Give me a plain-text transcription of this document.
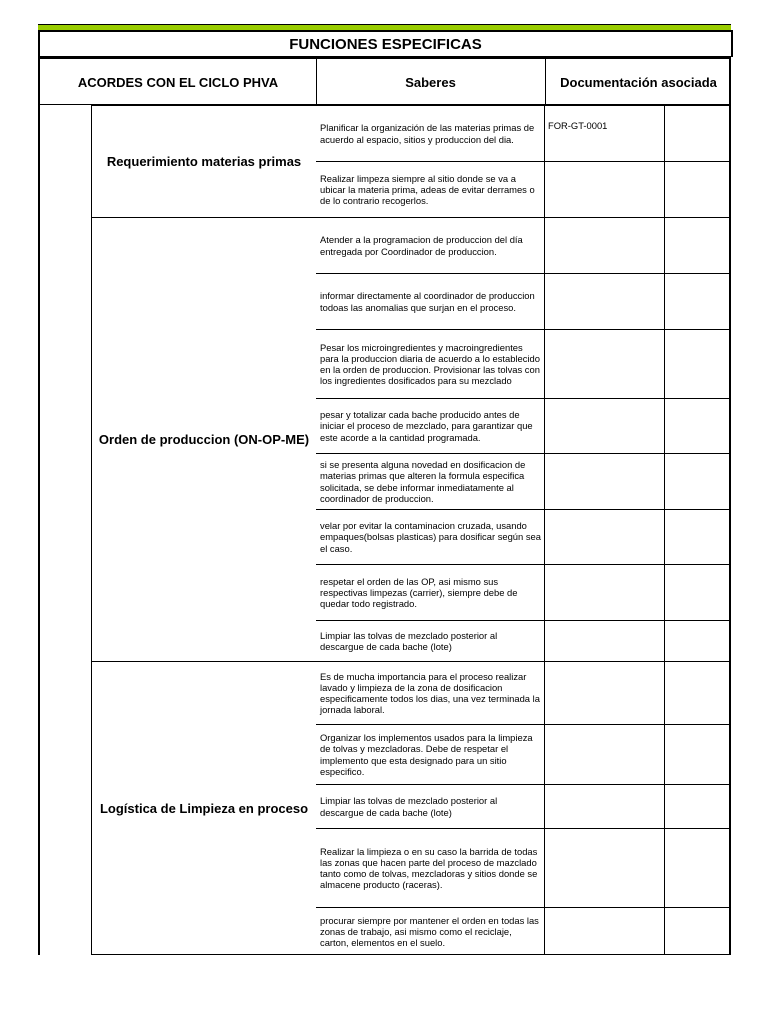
FUNCIONES ESPECIFICAS
ACORDES CON EL CICLO PHVA	Saberes	Documentación asociada
Requerimiento materias primas
Planificar la organización de las materias primas de acuerdo al espacio, sitios y produccion del dia.
FOR-GT-0001
Realizar limpeza siempre al sitio donde se va a ubicar la materia prima, adeas de evitar derrames o de lo contrario recogerlos.
Orden de produccion (ON-OP-ME)
Atender a la programacion de produccion del día entregada por Coordinador de produccion.
informar directamente al coordinador de produccion todoas las anomalias que surjan en el proceso.
Pesar los microingredientes y macroingredientes para la produccion diaria de acuerdo a lo establecido en la orden de produccion. Provisionar las tolvas con los ingredientes dosificados para su mezclado
pesar y totalizar cada bache producido antes de iniciar el proceso de mezclado, para garantizar que este acorde a la cantidad programada.
si se presenta alguna novedad en dosificacion de materias primas que alteren la formula especifica solicitada, se debe informar inmediatamente al coordinador de produccion.
velar por evitar la contaminacion cruzada, usando empaques(bolsas plasticas) para dosificar según sea el caso.
respetar el orden de las OP, asi mismo sus respectivas limpezas (carrier), siempre debe de quedar todo registrado.
Limpiar las tolvas de mezclado posterior al descargue de cada bache (lote)
Logística de Limpieza en proceso
Es de mucha importancia para el proceso realizar lavado y limpieza de la zona de dosificacion especificamente todos los dias, una vez terminada la jornada laboral.
Organizar los implementos usados para la limpieza de tolvas y mezcladoras. Debe de respetar el implemento que esta designado para un sitio especifico.
Limpiar las tolvas de mezclado posterior al descargue de cada bache (lote)
Realizar la limpieza o en su caso la barrida de todas las zonas que hacen parte del proceso de mazclado tanto como de tolvas, mezcladoras y sitios donde se almacene producto (raceras).
procurar siempre por mantener el orden en todas las zonas de trabajo, asi mismo como el reciclaje, carton, elementos en el suelo.
